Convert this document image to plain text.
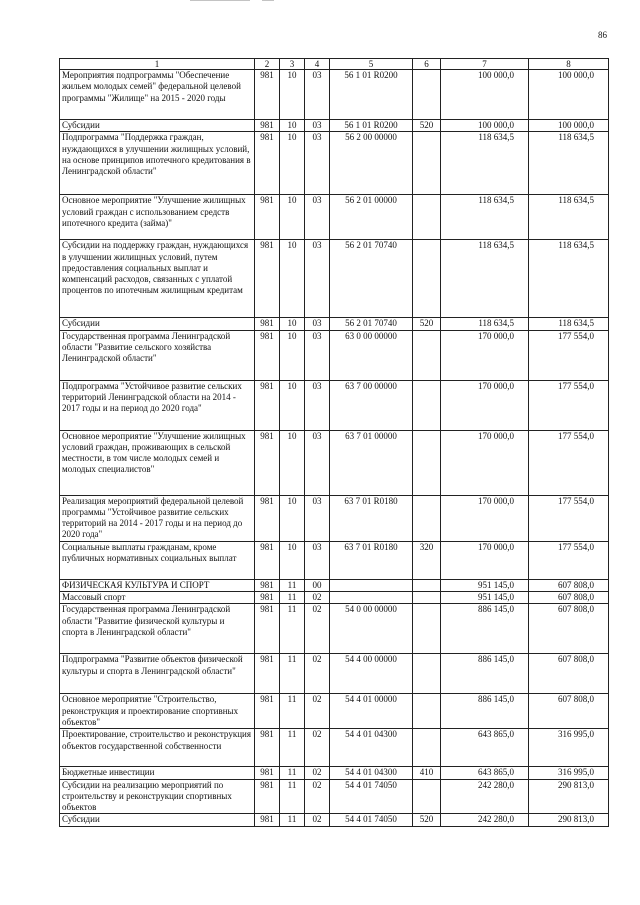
86
1	2	3	4	5	6	7	8
Мероприятия подпрограммы "Обеспечение жильем молодых семей" федеральной целевой программы "Жилище" на 2015 - 2020 годы	981	10	03	56 1 01 R0200		100 000,0	100 000,0
Субсидии	981	10	03	56 1 01 R0200	520	100 000,0	100 000,0
Подпрограмма "Поддержка граждан, нуждающихся в улучшении жилищных условий, на основе принципов ипотечного кредитования в Ленинградской области"	981	10	03	56 2 00 00000		118 634,5	118 634,5
Основное мероприятие "Улучшение жилищных условий граждан с использованием средств ипотечного кредита (займа)"	981	10	03	56 2 01 00000		118 634,5	118 634,5
Субсидии на поддержку граждан, нуждающихся в улучшении жилищных условий, путем предоставления социальных выплат и компенсаций расходов, связанных с уплатой процентов по ипотечным жилищным кредитам	981	10	03	56 2 01 70740		118 634,5	118 634,5
Субсидии	981	10	03	56 2 01 70740	520	118 634,5	118 634,5
Государственная программа Ленинградской области "Развитие сельского хозяйства Ленинградской области"	981	10	03	63 0 00 00000		170 000,0	177 554,0
Подпрограмма "Устойчивое развитие сельских территорий Ленинградской области на 2014 - 2017 годы и на период до 2020 года"	981	10	03	63 7 00 00000		170 000,0	177 554,0
Основное мероприятие "Улучшение жилищных условий граждан, проживающих в сельской местности, в том числе молодых семей и молодых специалистов"	981	10	03	63 7 01 00000		170 000,0	177 554,0
Реализация мероприятий федеральной целевой программы "Устойчивое развитие сельских территорий на 2014 - 2017 годы и на период до 2020 года"	981	10	03	63 7 01 R0180		170 000,0	177 554,0
Социальные выплаты гражданам, кроме публичных нормативных социальных выплат	981	10	03	63 7 01 R0180	320	170 000,0	177 554,0
ФИЗИЧЕСКАЯ КУЛЬТУРА И СПОРТ	981	11	00			951 145,0	607 808,0
Массовый спорт	981	11	02			951 145,0	607 808,0
Государственная программа Ленинградской области "Развитие физической культуры и спорта в Ленинградской области"	981	11	02	54 0 00 00000		886 145,0	607 808,0
Подпрограмма "Развитие объектов физической культуры и спорта в Ленинградской области"	981	11	02	54 4 00 00000		886 145,0	607 808,0
Основное мероприятие "Строительство, реконструкция и проектирование спортивных объектов"	981	11	02	54 4 01 00000		886 145,0	607 808,0
Проектирование, строительство и реконструкция объектов государственной собственности	981	11	02	54 4 01 04300		643 865,0	316 995,0
Бюджетные инвестиции	981	11	02	54 4 01 04300	410	643 865,0	316 995,0
Субсидии на реализацию мероприятий по строительству и реконструкции спортивных объектов	981	11	02	54 4 01 74050		242 280,0	290 813,0
Субсидии	981	11	02	54 4 01 74050	520	242 280,0	290 813,0
